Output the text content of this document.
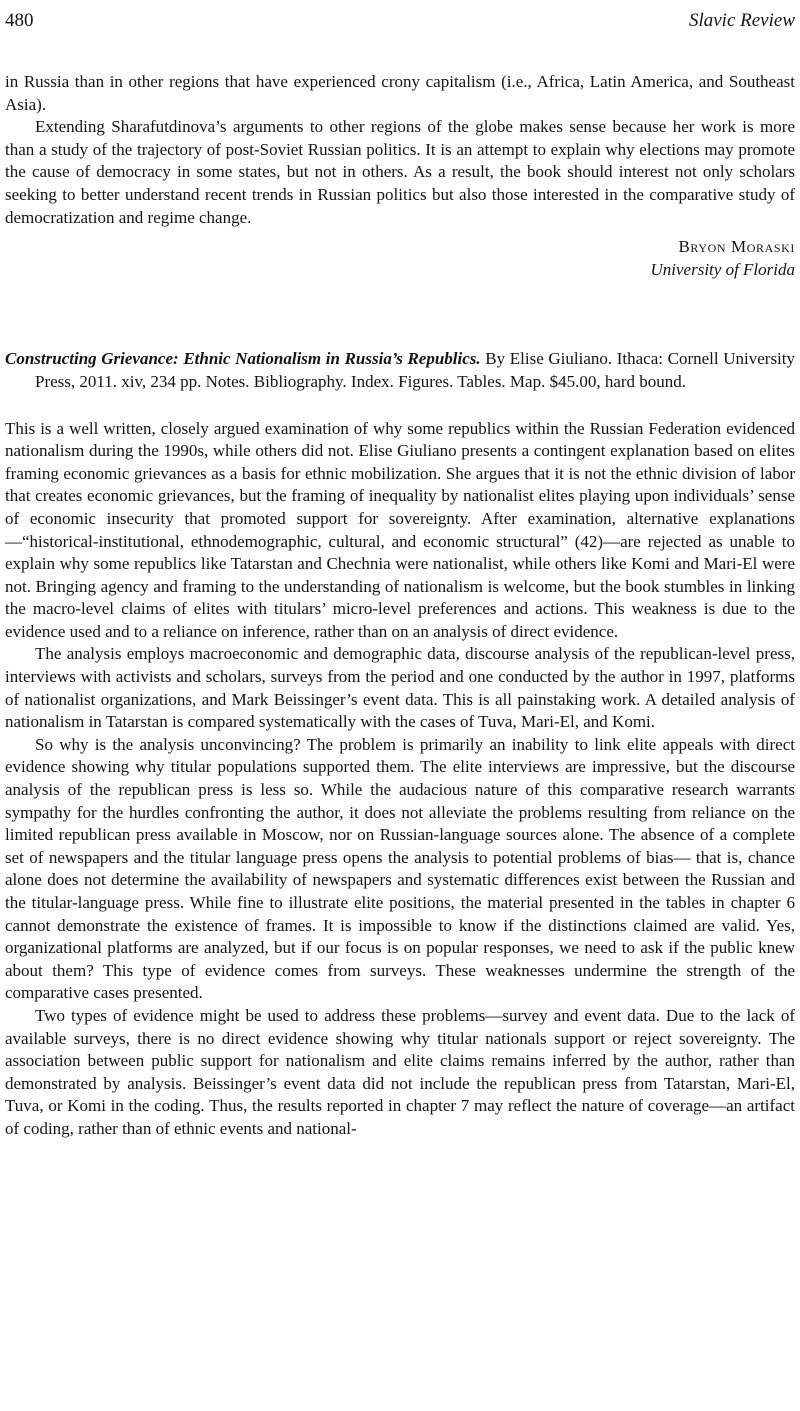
480	Slavic Review

in Russia than in other regions that have experienced crony capitalism (i.e., Africa, Latin America, and Southeast Asia).

Extending Sharafutdinova’s arguments to other regions of the globe makes sense because her work is more than a study of the trajectory of post-Soviet Russian politics. It is an attempt to explain why elections may promote the cause of democracy in some states, but not in others. As a result, the book should interest not only scholars seeking to better understand recent trends in Russian politics but also those interested in the comparative study of democratization and regime change.

Bryon Moraski
University of Florida

Constructing Grievance: Ethnic Nationalism in Russia’s Republics. By Elise Giuliano. Ithaca: Cornell University Press, 2011. xiv, 234 pp. Notes. Bibliography. Index. Figures. Tables. Map. $45.00, hard bound.

This is a well written, closely argued examination of why some republics within the Russian Federation evidenced nationalism during the 1990s, while others did not. Elise Giuliano presents a contingent explanation based on elites framing economic grievances as a basis for ethnic mobilization. She argues that it is not the ethnic division of labor that creates economic grievances, but the framing of inequality by nationalist elites playing upon individuals’ sense of economic insecurity that promoted support for sovereignty. After examination, alternative explanations—“historical-institutional, ethnodemographic, cultural, and economic structural” (42)—are rejected as unable to explain why some republics like Tatarstan and Chechnia were nationalist, while others like Komi and Mari-El were not. Bringing agency and framing to the understanding of nationalism is welcome, but the book stumbles in linking the macro-level claims of elites with titulars’ micro-level preferences and actions. This weakness is due to the evidence used and to a reliance on inference, rather than on an analysis of direct evidence.

The analysis employs macroeconomic and demographic data, discourse analysis of the republican-level press, interviews with activists and scholars, surveys from the period and one conducted by the author in 1997, platforms of nationalist organizations, and Mark Beissinger’s event data. This is all painstaking work. A detailed analysis of nationalism in Tatarstan is compared systematically with the cases of Tuva, Mari-El, and Komi.

So why is the analysis unconvincing? The problem is primarily an inability to link elite appeals with direct evidence showing why titular populations supported them. The elite interviews are impressive, but the discourse analysis of the republican press is less so. While the audacious nature of this comparative research warrants sympathy for the hurdles confronting the author, it does not alleviate the problems resulting from reliance on the limited republican press available in Moscow, nor on Russian-language sources alone. The absence of a complete set of newspapers and the titular language press opens the analysis to potential problems of bias— that is, chance alone does not determine the availability of newspapers and systematic differences exist between the Russian and the titular-language press. While fine to illustrate elite positions, the material presented in the tables in chapter 6 cannot demonstrate the existence of frames. It is impossible to know if the distinctions claimed are valid. Yes, organizational platforms are analyzed, but if our focus is on popular responses, we need to ask if the public knew about them? This type of evidence comes from surveys. These weaknesses undermine the strength of the comparative cases presented.

Two types of evidence might be used to address these problems—survey and event data. Due to the lack of available surveys, there is no direct evidence showing why titular nationals support or reject sovereignty. The association between public support for nationalism and elite claims remains inferred by the author, rather than demonstrated by analysis. Beissinger’s event data did not include the republican press from Tatarstan, Mari-El, Tuva, or Komi in the coding. Thus, the results reported in chapter 7 may reflect the nature of coverage—an artifact of coding, rather than of ethnic events and national-
